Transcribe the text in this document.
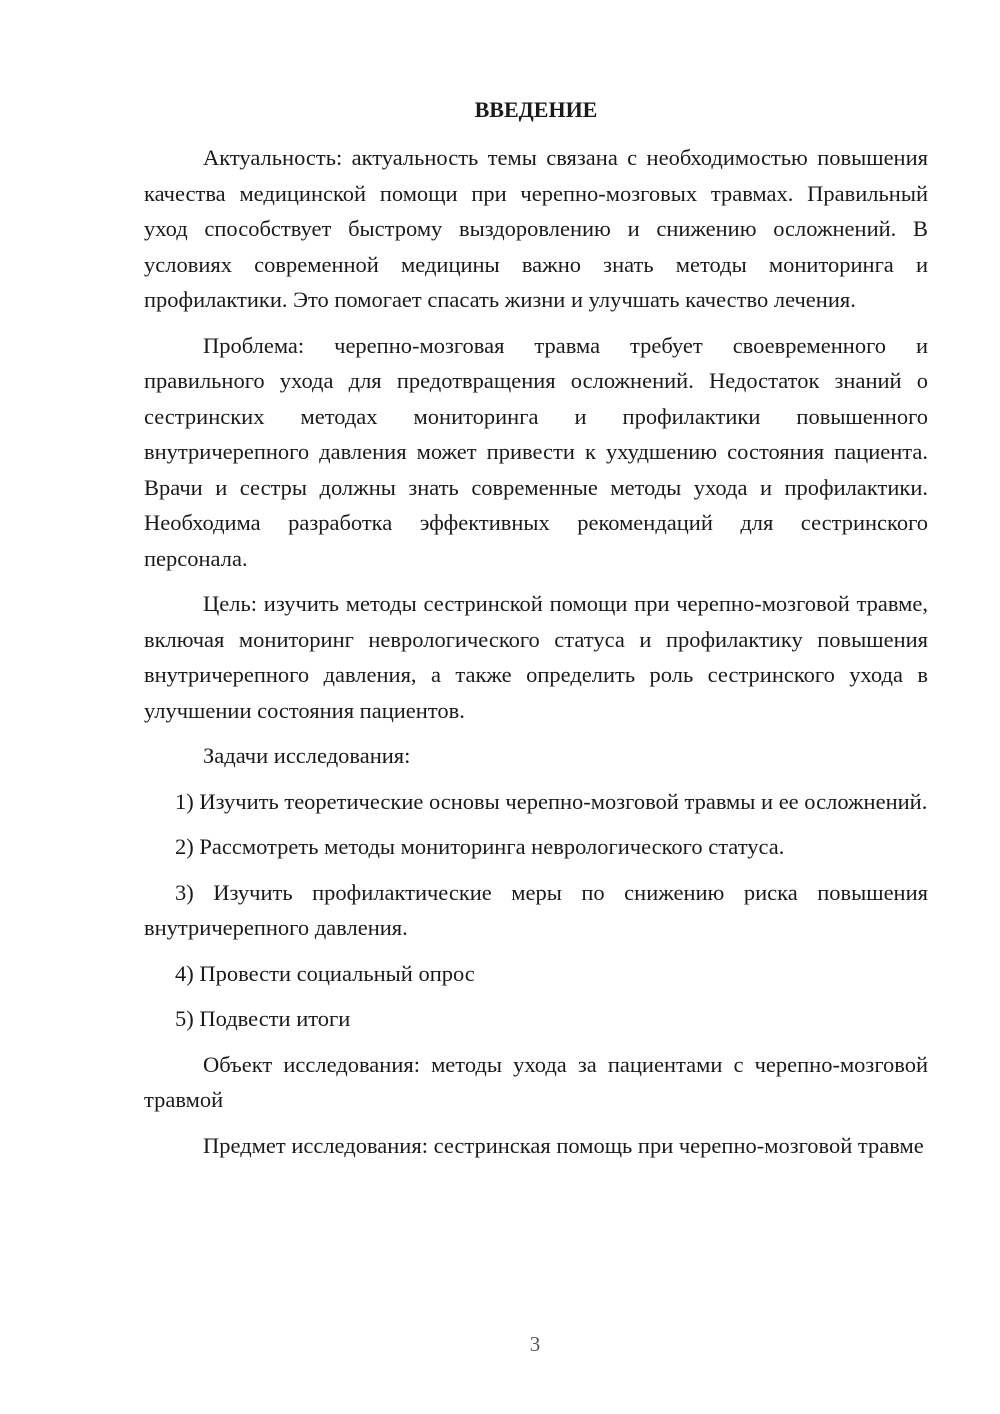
ВВЕДЕНИЕ

Актуальность: актуальность темы связана с необходимостью повышения качества медицинской помощи при черепно-мозговых травмах. Правильный уход способствует быстрому выздоровлению и снижению осложнений. В условиях современной медицины важно знать методы мониторинга и профилактики. Это помогает спасать жизни и улучшать качество лечения.

Проблема: черепно-мозговая травма требует своевременного и правильного ухода для предотвращения осложнений. Недостаток знаний о сестринских методах мониторинга и профилактики повышенного внутричерепного давления может привести к ухудшению состояния пациента. Врачи и сестры должны знать современные методы ухода и профилактики. Необходима разработка эффективных рекомендаций для сестринского персонала.

Цель: изучить методы сестринской помощи при черепно-мозговой травме, включая мониторинг неврологического статуса и профилактику повышения внутричерепного давления, а также определить роль сестринского ухода в улучшении состояния пациентов.

Задачи исследования:

1) Изучить теоретические основы черепно-мозговой травмы и ее осложнений.

2) Рассмотреть методы мониторинга неврологического статуса.

3) Изучить профилактические меры по снижению риска повышения внутричерепного давления.

4) Провести социальный опрос

5) Подвести итоги

Объект исследования: методы ухода за пациентами с черепно-мозговой травмой

Предмет исследования: сестринская помощь при черепно-мозговой травме

3
